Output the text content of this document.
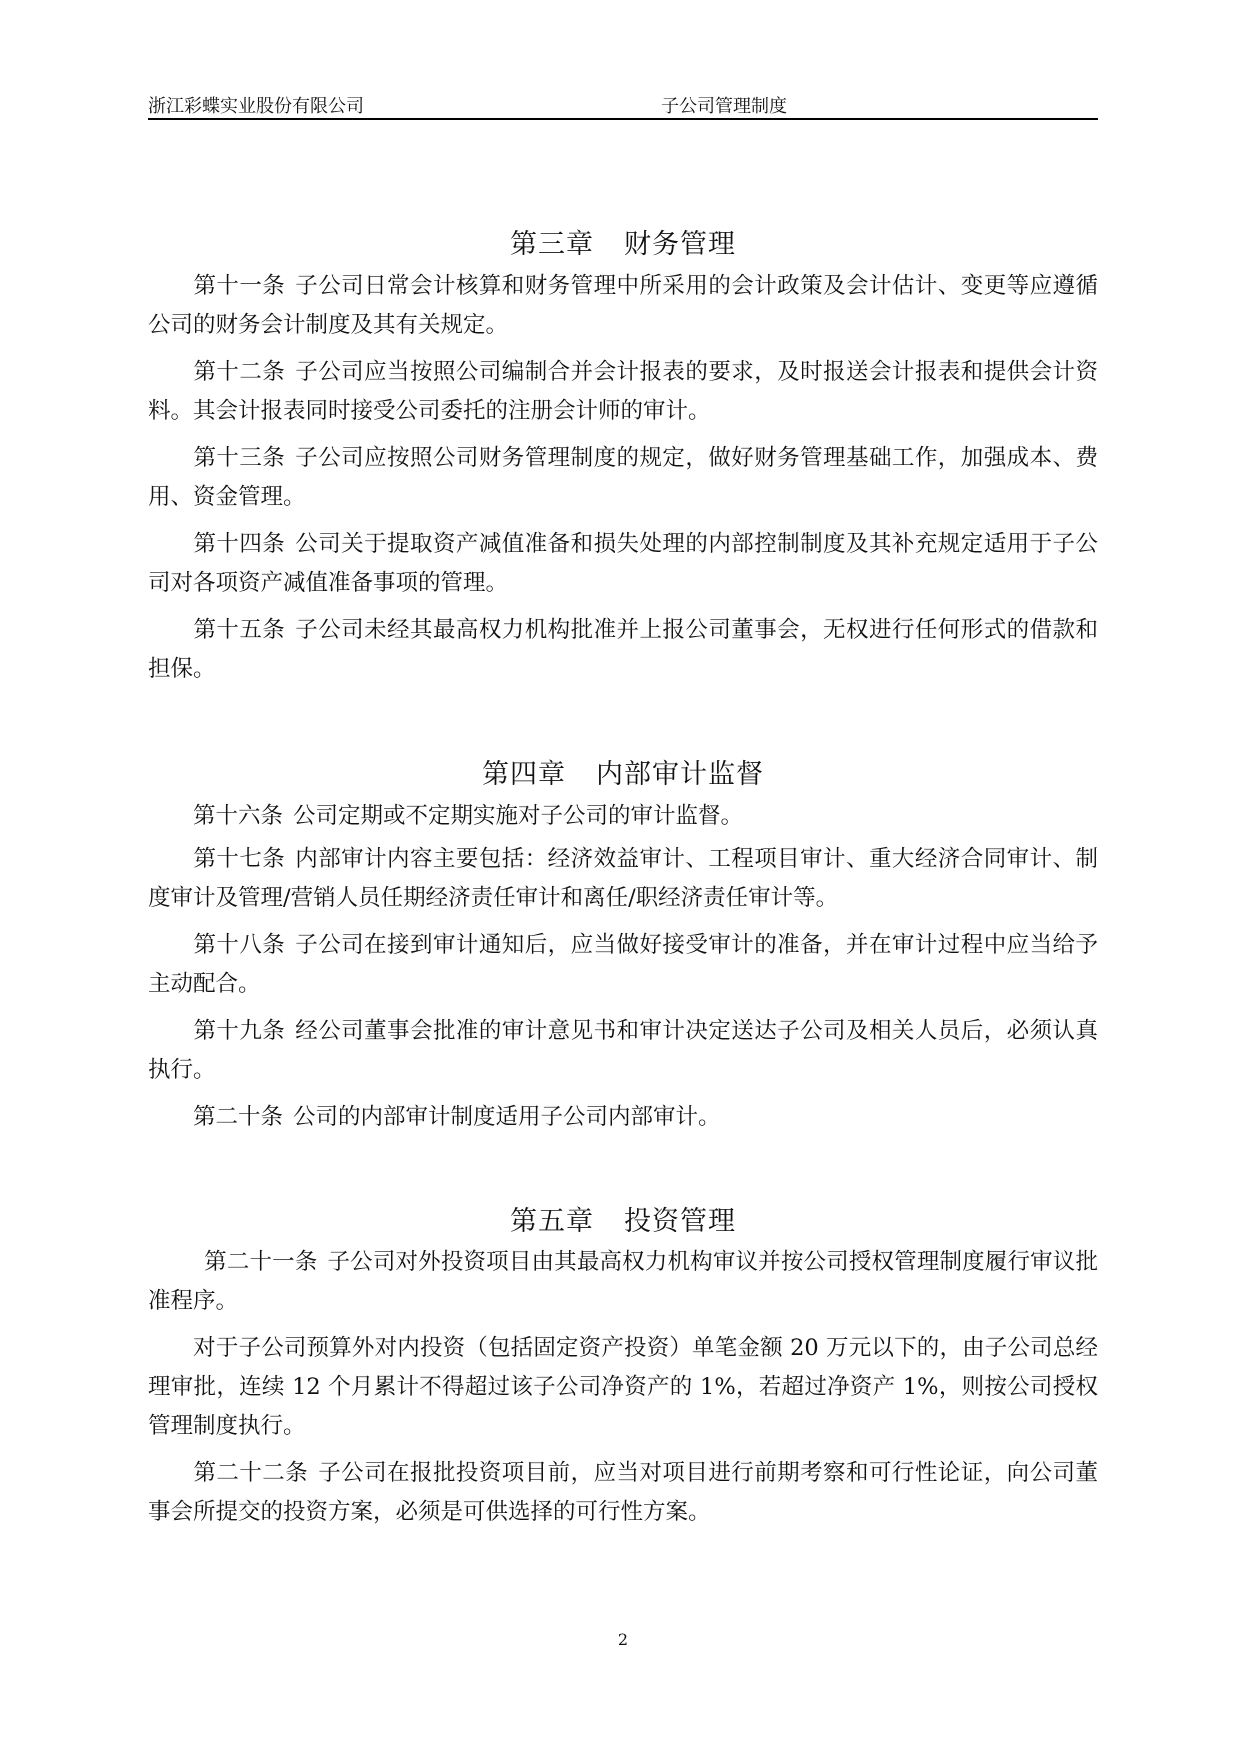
浙江彩蝶实业股份有限公司	子公司管理制度
第三章 财务管理

第十一条 子公司日常会计核算和财务管理中所采用的会计政策及会计估计、变更等应遵循公司的财务会计制度及其有关规定。

第十二条 子公司应当按照公司编制合并会计报表的要求，及时报送会计报表和提供会计资料。其会计报表同时接受公司委托的注册会计师的审计。

第十三条 子公司应按照公司财务管理制度的规定，做好财务管理基础工作，加强成本、费用、资金管理。

第十四条 公司关于提取资产减值准备和损失处理的内部控制制度及其补充规定适用于子公司对各项资产减值准备事项的管理。

第十五条 子公司未经其最高权力机构批准并上报公司董事会，无权进行任何形式的借款和担保。

第四章 内部审计监督

第十六条 公司定期或不定期实施对子公司的审计监督。

第十七条 内部审计内容主要包括：经济效益审计、工程项目审计、重大经济合同审计、制度审计及管理/营销人员任期经济责任审计和离任/职经济责任审计等。

第十八条 子公司在接到审计通知后，应当做好接受审计的准备，并在审计过程中应当给予主动配合。

第十九条 经公司董事会批准的审计意见书和审计决定送达子公司及相关人员后，必须认真执行。

第二十条 公司的内部审计制度适用子公司内部审计。

第五章 投资管理

第二十一条 子公司对外投资项目由其最高权力机构审议并按公司授权管理制度履行审议批准程序。

对于子公司预算外对内投资（包括固定资产投资）单笔金额 20 万元以下的，由子公司总经理审批，连续 12 个月累计不得超过该子公司净资产的 1%，若超过净资产 1%，则按公司授权管理制度执行。

第二十二条 子公司在报批投资项目前，应当对项目进行前期考察和可行性论证，向公司董事会所提交的投资方案，必须是可供选择的可行性方案。

2
